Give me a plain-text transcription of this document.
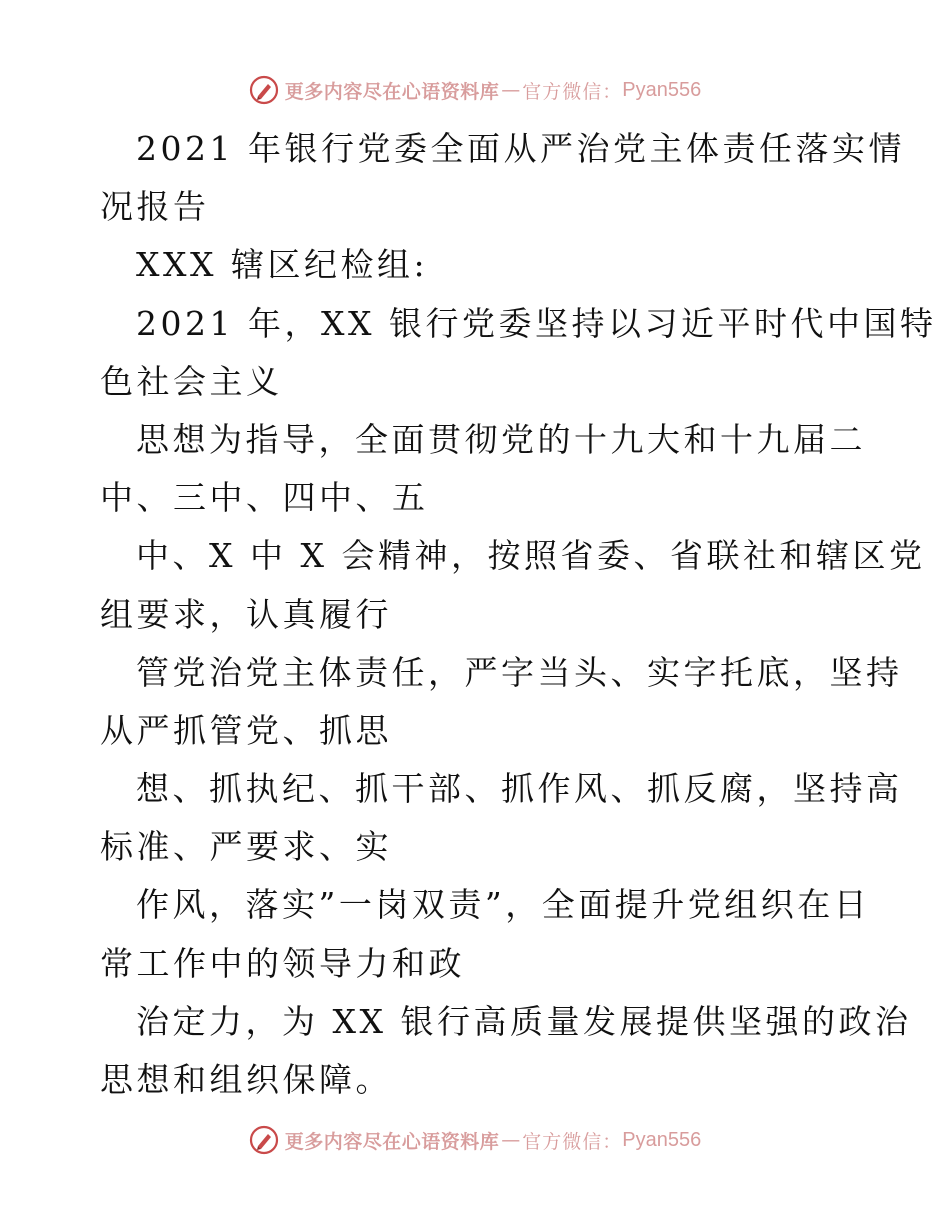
更多内容尽在心语资料库 — 官方微信： Pyan556
2021 年银行党委全面从严治党主体责任落实情
况报告
XXX 辖区纪检组:
2021 年，XX 银行党委坚持以习近平时代中国特
色社会主义
思想为指导，全面贯彻党的十九大和十九届二
中、三中、四中、五
中、X 中 X 会精神，按照省委、省联社和辖区党
组要求，认真履行
管党治党主体责任，严字当头、实字托底，坚持
从严抓管党、抓思
想、抓执纪、抓干部、抓作风、抓反腐，坚持高
标准、严要求、实
作风，落实”一岗双责”，全面提升党组织在日
常工作中的领导力和政
治定力，为 XX 银行高质量发展提供坚强的政治
思想和组织保障。
更多内容尽在心语资料库 — 官方微信： Pyan556
